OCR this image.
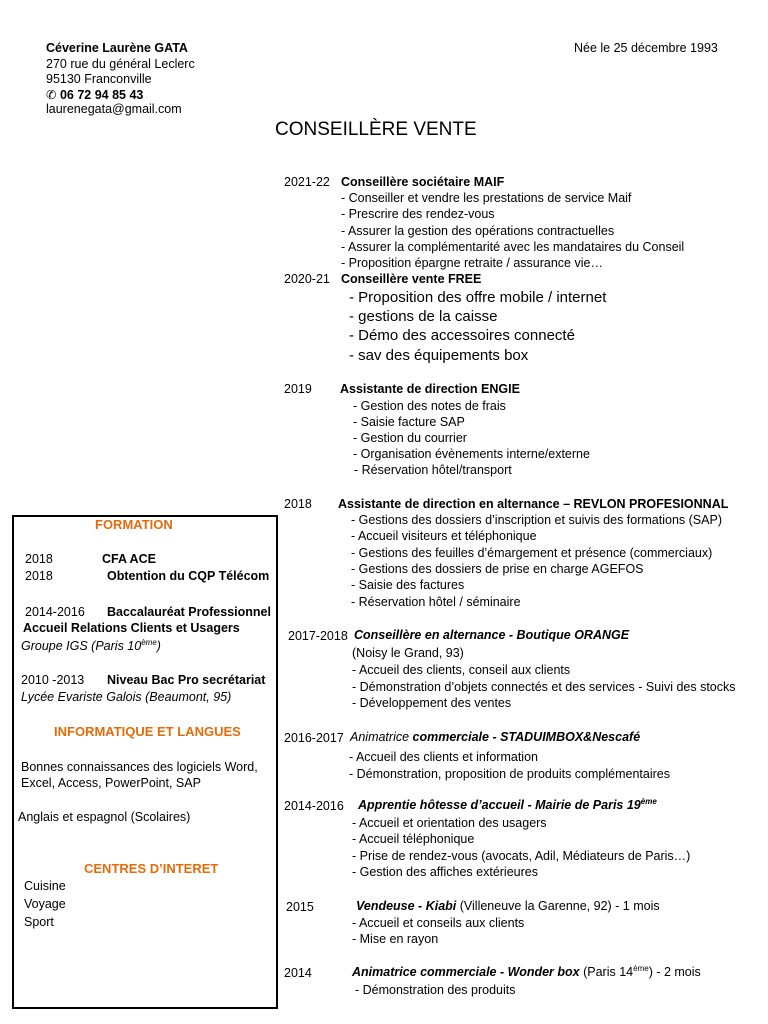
Céverine Laurène GATA
270 rue du général Leclerc
95130 Franconville
✆ 06 72 94 85 43
laurenegata@gmail.com
Née le 25 décembre 1993
CONSEILLÈRE VENTE
2021-22 Conseillère sociétaire MAIF
- Conseiller et vendre les prestations de service Maif
- Prescrire des rendez-vous
- Assurer la gestion des opérations contractuelles
- Assurer la complémentarité avec les mandataires du Conseil
- Proposition épargne retraite / assurance vie…
2020-21 Conseillère vente FREE
- Proposition des offre mobile / internet
- gestions de la caisse
- Démo des accessoires connecté
- sav des équipements box
2019 Assistante de direction ENGIE
- Gestion des notes de frais
- Saisie facture SAP
- Gestion du courrier
- Organisation évènements interne/externe
- Réservation hôtel/transport
2018 Assistante de direction en alternance – REVLON PROFESIONNAL
- Gestions des dossiers d’inscription et suivis des formations (SAP)
- Accueil visiteurs et téléphonique
- Gestions des feuilles d’émargement et présence (commerciaux)
- Gestions des dossiers de prise en charge AGEFOS
- Saisie des factures
- Réservation hôtel / séminaire
2017-2018 Conseillère en alternance - Boutique ORANGE
(Noisy le Grand, 93)
- Accueil des clients, conseil aux clients
- Démonstration d’objets connectés et des services - Suivi des stocks
- Développement des ventes
2016-2017 Animatrice commerciale - STADUIMBOX&Nescafé
- Accueil des clients et information
- Démonstration, proposition de produits complémentaires
2014-2016 Apprentie hôtesse d’accueil - Mairie de Paris 19ème
- Accueil et orientation des usagers
- Accueil téléphonique
- Prise de rendez-vous (avocats, Adil, Médiateurs de Paris…)
- Gestion des affiches extérieures
2015	Vendeuse - Kiabi (Villeneuve la Garenne, 92) - 1 mois
- Accueil et conseils aux clients
- Mise en rayon
2014	Animatrice commerciale - Wonder box (Paris 14ème) - 2 mois
- Démonstration des produits
FORMATION
2018	CFA ACE
2018	Obtention du CQP Télécom
2014-2016 Baccalauréat Professionnel
Accueil Relations Clients et Usagers
Groupe IGS (Paris 10ème)
2010 -2013 Niveau Bac Pro secrétariat
Lycée Evariste Galois (Beaumont, 95)
INFORMATIQUE ET LANGUES
Bonnes connaissances des logiciels Word,
Excel, Access, PowerPoint, SAP
Anglais et espagnol (Scolaires)
CENTRES D’INTERET
Cuisine
Voyage
Sport
